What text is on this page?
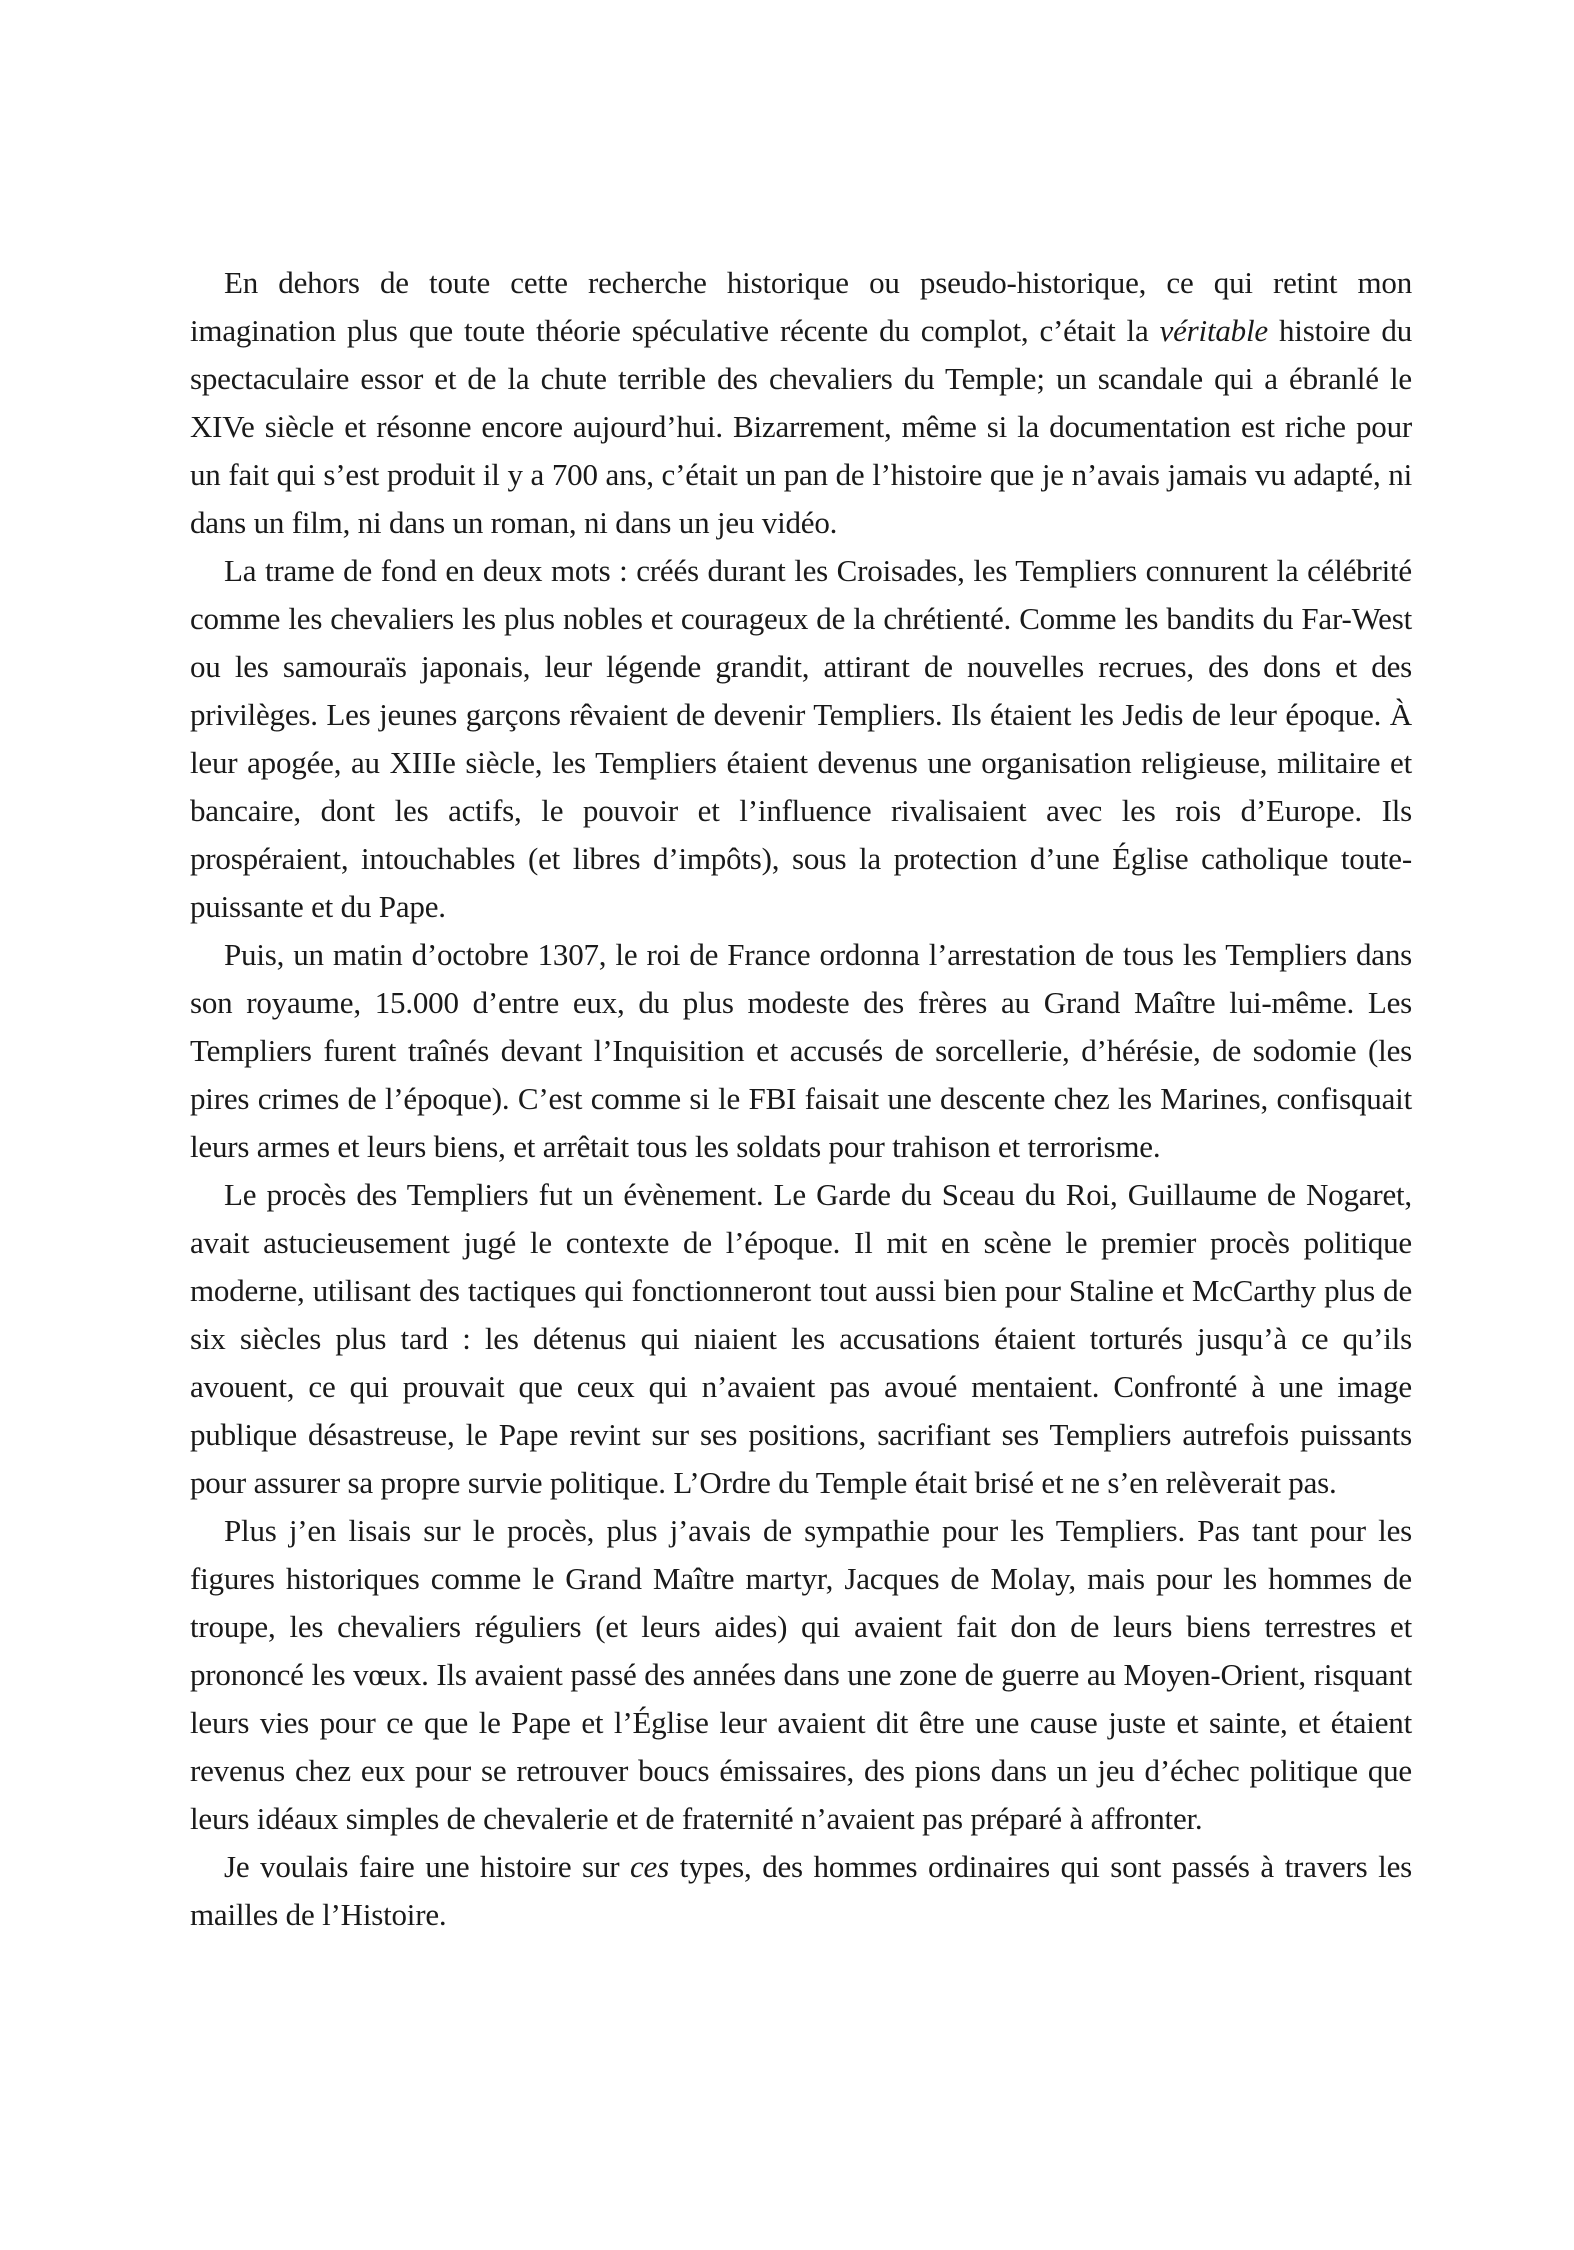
En dehors de toute cette recherche historique ou pseudo-historique, ce qui retint mon imagination plus que toute théorie spéculative récente du complot, c’était la véritable histoire du spectaculaire essor et de la chute terrible des chevaliers du Temple; un scandale qui a ébranlé le XIVe siècle et résonne encore aujourd’hui. Bizarrement, même si la documentation est riche pour un fait qui s’est produit il y a 700 ans, c’était un pan de l’histoire que je n’avais jamais vu adapté, ni dans un film, ni dans un roman, ni dans un jeu vidéo.

La trame de fond en deux mots : créés durant les Croisades, les Templiers connurent la célébrité comme les chevaliers les plus nobles et courageux de la chrétienté. Comme les bandits du Far-West ou les samouraïs japonais, leur légende grandit, attirant de nouvelles recrues, des dons et des privilèges. Les jeunes garçons rêvaient de devenir Templiers. Ils étaient les Jedis de leur époque. À leur apogée, au XIIIe siècle, les Templiers étaient devenus une organisation religieuse, militaire et bancaire, dont les actifs, le pouvoir et l’influence rivalisaient avec les rois d’Europe. Ils prospéraient, intouchables (et libres d’impôts), sous la protection d’une Église catholique toute-puissante et du Pape.

Puis, un matin d’octobre 1307, le roi de France ordonna l’arrestation de tous les Templiers dans son royaume, 15.000 d’entre eux, du plus modeste des frères au Grand Maître lui-même. Les Templiers furent traînés devant l’Inquisition et accusés de sorcellerie, d’hérésie, de sodomie (les pires crimes de l’époque). C’est comme si le FBI faisait une descente chez les Marines, confisquait leurs armes et leurs biens, et arrêtait tous les soldats pour trahison et terrorisme.

Le procès des Templiers fut un évènement. Le Garde du Sceau du Roi, Guillaume de Nogaret, avait astucieusement jugé le contexte de l’époque. Il mit en scène le premier procès politique moderne, utilisant des tactiques qui fonctionneront tout aussi bien pour Staline et McCarthy plus de six siècles plus tard : les détenus qui niaient les accusations étaient torturés jusqu’à ce qu’ils avouent, ce qui prouvait que ceux qui n’avaient pas avoué mentaient. Confronté à une image publique désastreuse, le Pape revint sur ses positions, sacrifiant ses Templiers autrefois puissants pour assurer sa propre survie politique. L’Ordre du Temple était brisé et ne s’en relèverait pas.

Plus j’en lisais sur le procès, plus j’avais de sympathie pour les Templiers. Pas tant pour les figures historiques comme le Grand Maître martyr, Jacques de Molay, mais pour les hommes de troupe, les chevaliers réguliers (et leurs aides) qui avaient fait don de leurs biens terrestres et prononcé les vœux. Ils avaient passé des années dans une zone de guerre au Moyen-Orient, risquant leurs vies pour ce que le Pape et l’Église leur avaient dit être une cause juste et sainte, et étaient revenus chez eux pour se retrouver boucs émissaires, des pions dans un jeu d’échec politique que leurs idéaux simples de chevalerie et de fraternité n’avaient pas préparé à affronter.

Je voulais faire une histoire sur ces types, des hommes ordinaires qui sont passés à travers les mailles de l’Histoire.
